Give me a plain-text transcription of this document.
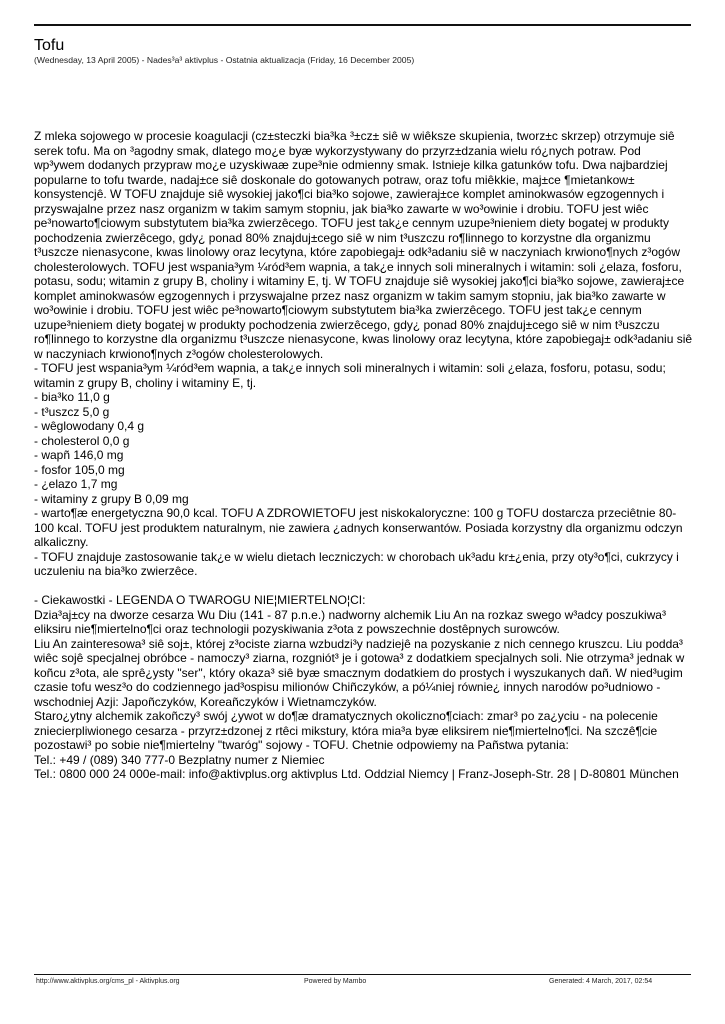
Tofu
(Wednesday, 13 April 2005) - Nades³a³ aktivplus - Ostatnia aktualizacja (Friday, 16 December 2005)

Z mleka sojowego w procesie koagulacji (cz±steczki bia³ka ³±cz± siê w wiêksze skupienia, tworz±c skrzep) otrzymuje siê serek tofu. Ma on ³agodny smak, dlatego mo¿e byæ wykorzystywany do przyrz±dzania wielu ró¿nych potraw. Pod wp³ywem dodanych przypraw mo¿e uzyskiwaæ zupe³nie odmienny smak. Istnieje kilka gatunków tofu. Dwa najbardziej popularne to tofu twarde, nadaj±ce siê doskonale do gotowanych potraw, oraz tofu miêkkie, maj±ce ¶mietankow± konsystencjê. W TOFU znajduje siê wysokiej jako¶ci bia³ko sojowe, zawieraj±ce komplet aminokwasów egzogennych i przyswajalne przez nasz organizm w takim samym stopniu, jak bia³ko zawarte w wo³owinie i drobiu. TOFU jest wiêc pe³nowarto¶ciowym substytutem bia³ka zwierzêcego. TOFU jest tak¿e cennym uzupe³nieniem diety bogatej w produkty pochodzenia zwierzêcego, gdy¿ ponad 80% znajduj±cego siê w nim t³uszczu ro¶linnego to korzystne dla organizmu t³uszcze nienasycone, kwas linolowy oraz lecytyna, które zapobiegaj± odk³adaniu siê w naczyniach krwiono¶nych z³ogów cholesterolowych. TOFU jest wspania³ym ¼ród³em wapnia, a tak¿e innych soli mineralnych i witamin: soli ¿elaza, fosforu, potasu, sodu; witamin z grupy B, choliny i witaminy E, tj. W TOFU znajduje siê wysokiej jako¶ci bia³ko sojowe, zawieraj±ce komplet aminokwasów egzogennych i przyswajalne przez nasz organizm w takim samym stopniu, jak bia³ko zawarte w wo³owinie i drobiu. TOFU jest wiêc pe³nowarto¶ciowym substytutem bia³ka zwierzêcego. TOFU jest tak¿e cennym uzupe³nieniem diety bogatej w produkty pochodzenia zwierzêcego, gdy¿ ponad 80% znajduj±cego siê w nim t³uszczu ro¶linnego to korzystne dla organizmu t³uszcze nienasycone, kwas linolowy oraz lecytyna, które zapobiegaj± odk³adaniu siê w naczyniach krwiono¶nych z³ogów cholesterolowych.

- TOFU jest wspania³ym ¼ród³em wapnia, a tak¿e innych soli mineralnych i witamin: soli ¿elaza, fosforu, potasu, sodu; witamin z grupy B, choliny i witaminy E, tj.

- bia³ko 11,0 g

- t³uszcz 5,0 g

- wêglowodany 0,4 g

- cholesterol 0,0 g

- wapñ 146,0 mg

- fosfor 105,0 mg

- ¿elazo 1,7 mg

- witaminy z grupy B 0,09 mg

- warto¶æ energetyczna 90,0 kcal. TOFU A ZDROWIETOFU jest niskokaloryczne: 100 g TOFU dostarcza przeciêtnie 80-100 kcal. TOFU jest produktem naturalnym, nie zawiera ¿adnych konserwantów. Posiada korzystny dla organizmu odczyn alkaliczny.

- TOFU znajduje zastosowanie tak¿e w wielu dietach leczniczych: w chorobach uk³adu kr±¿enia, przy oty³o¶ci, cukrzycy i uczuleniu na bia³ko zwierzêce.

- Ciekawostki - LEGENDA O TWAROGU NIE¦MIERTELNO¦CI:

Dzia³aj±cy na dworze cesarza Wu Diu (141 - 87 p.n.e.) nadworny alchemik Liu An na rozkaz swego w³adcy poszukiwa³ eliksiru nie¶miertelno¶ci oraz technologii pozyskiwania z³ota z powszechnie dostêpnych surowców.

Liu An zainteresowa³ siê soj±, której z³ociste ziarna wzbudzi³y nadziejê na pozyskanie z nich cennego kruszcu. Liu podda³ wiêc sojê specjalnej obróbce - namoczy³ ziarna, rozgniót³ je i gotowa³ z dodatkiem specjalnych soli. Nie otrzyma³ jednak w koñcu z³ota, ale sprê¿ysty "ser", który okaza³ siê byæ smacznym dodatkiem do prostych i wyszukanych dañ. W nied³ugim czasie tofu wesz³o do codziennego jad³ospisu milionów Chiñczyków, a pó¼niej równie¿ innych narodów po³udniowo - wschodniej Azji: Japoñczyków, Koreañczyków i Wietnamczyków.

Staro¿ytny alchemik zakoñczy³ swój ¿ywot w do¶æ dramatycznych okoliczno¶ciach: zmar³ po za¿yciu - na polecenie zniecierpliwionego cesarza - przyrz±dzonej z rtêci mikstury, która mia³a byæ eliksirem nie¶miertelno¶ci. Na szczê¶cie pozostawi³ po sobie nie¶miertelny "twaróg" sojowy - TOFU. Chetnie odpowiemy na Pañstwa pytania:

Tel.: +49 / (089) 340 777-0 Bezplatny numer z Niemiec

Tel.: 0800 000 24 000e-mail: info@aktivplus.org aktivplus Ltd. Oddzial Niemcy | Franz-Joseph-Str. 28 | D-80801 München

http://www.aktivplus.org/cms_pl - Aktivplus.org	Powered by Mambo	Generated: 4 March, 2017, 02:54
